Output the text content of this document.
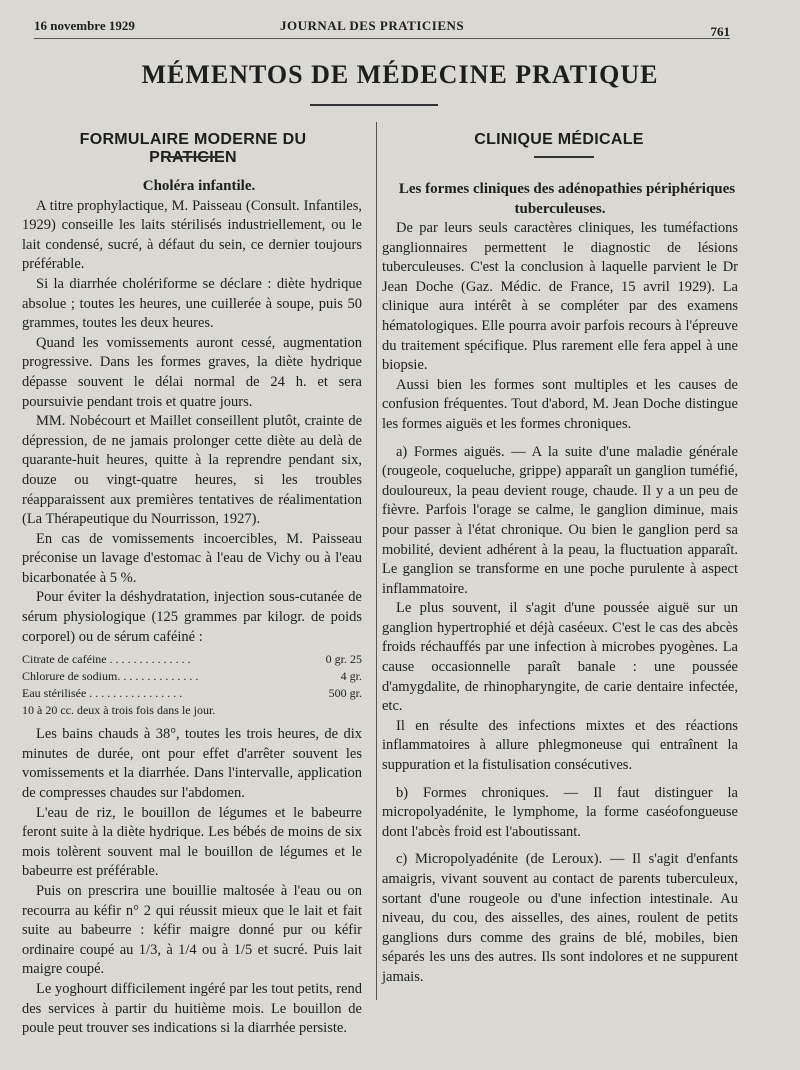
16 novembre 1929	JOURNAL DES PRATICIENS	761
MÉMENTOS DE MÉDECINE PRATIQUE
FORMULAIRE MODERNE DU PRATICIEN
CLINIQUE MÉDICALE

Choléra infantile.

A titre prophylactique, M. Paisseau (Consult. Infantiles, 1929) conseille les laits stérilisés industriellement, ou le lait condensé, sucré, à défaut du sein, ce dernier toujours préférable.

Si la diarrhée cholériforme se déclare : diète hydrique absolue ; toutes les heures, une cuillerée à soupe, puis 50 grammes, toutes les deux heures.

Quand les vomissements auront cessé, augmentation progressive. Dans les formes graves, la diète hydrique dépasse souvent le délai normal de 24 h. et sera poursuivie pendant trois et quatre jours.

MM. Nobécourt et Maillet conseillent plutôt, crainte de dépression, de ne jamais prolonger cette diète au delà de quarante-huit heures, quitte à la reprendre pendant six, douze ou vingt-quatre heures, si les troubles réapparaissent aux premières tentatives de réalimentation (La Thérapeutique du Nourrisson, 1927).

En cas de vomissements incoercibles, M. Paisseau préconise un lavage d'estomac à l'eau de Vichy ou à l'eau bicarbonatée à 5 %.

Pour éviter la déshydratation, injection sous-cutanée de sérum physiologique (125 grammes par kilogr. de poids corporel) ou de sérum caféiné :

Citrate de caféine . . . . . . . . . . . . . .	0 gr. 25
Chlorure de sodium. . . . . . . . . . . . . .	4 gr.
Eau stérilisée . . . . . . . . . . . . . . . .	500 gr.
10 à 20 cc. deux à trois fois dans le jour.

Les bains chauds à 38°, toutes les trois heures, de dix minutes de durée, ont pour effet d'arrêter souvent les vomissements et la diarrhée. Dans l'intervalle, application de compresses chaudes sur l'abdomen.

L'eau de riz, le bouillon de légumes et le babeurre feront suite à la diète hydrique. Les bébés de moins de six mois tolèrent souvent mal le bouillon de légumes et le babeurre est préférable.

Puis on prescrira une bouillie maltosée à l'eau ou on recourra au kéfir n° 2 qui réussit mieux que le lait et fait suite au babeurre : kéfir maigre donné pur ou kéfir ordinaire coupé au 1/3, à 1/4 ou à 1/5 et sucré. Puis lait maigre coupé.

Le yoghourt difficilement ingéré par les tout petits, rend des services à partir du huitième mois. Le bouillon de poule peut trouver ses indications si la diarrhée persiste.

Les formes cliniques des adénopathies périphériques tuberculeuses.

De par leurs seuls caractères cliniques, les tuméfactions ganglionnaires permettent le diagnostic de lésions tuberculeuses. C'est la conclusion à laquelle parvient le Dr Jean Doche (Gaz. Médic. de France, 15 avril 1929). La clinique aura intérêt à se compléter par des examens hématologiques. Elle pourra avoir parfois recours à l'épreuve du traitement spécifique. Plus rarement elle fera appel à une biopsie.

Aussi bien les formes sont multiples et les causes de confusion fréquentes. Tout d'abord, M. Jean Doche distingue les formes aiguës et les formes chroniques.

a) Formes aiguës. — A la suite d'une maladie générale (rougeole, coqueluche, grippe) apparaît un ganglion tuméfié, douloureux, la peau devient rouge, chaude. Il y a un peu de fièvre. Parfois l'orage se calme, le ganglion diminue, mais pour passer à l'état chronique. Ou bien le ganglion perd sa mobilité, devient adhérent à la peau, la fluctuation apparaît. Le ganglion se transforme en une poche purulente à aspect inflammatoire.

Le plus souvent, il s'agit d'une poussée aiguë sur un ganglion hypertrophié et déjà caséeux. C'est le cas des abcès froids réchauffés par une infection à microbes pyogènes. La cause occasionnelle paraît banale : une poussée d'amygdalite, de rhinopharyngite, de carie dentaire infectée, etc.

Il en résulte des infections mixtes et des réactions inflammatoires à allure phlegmoneuse qui entraînent la suppuration et la fistulisation consécutives.

b) Formes chroniques. — Il faut distinguer la micropolyadénite, le lymphome, la forme caséofongueuse dont l'abcès froid est l'aboutissant.

c) Micropolyadénite (de Leroux). — Il s'agit d'enfants amaigris, vivant souvent au contact de parents tuberculeux, sortant d'une rougeole ou d'une infection intestinale. Au niveau, du cou, des aisselles, des aines, roulent de petits ganglions durs comme des grains de blé, mobiles, bien séparés les uns des autres. Ils sont indolores et ne suppurent jamais.
